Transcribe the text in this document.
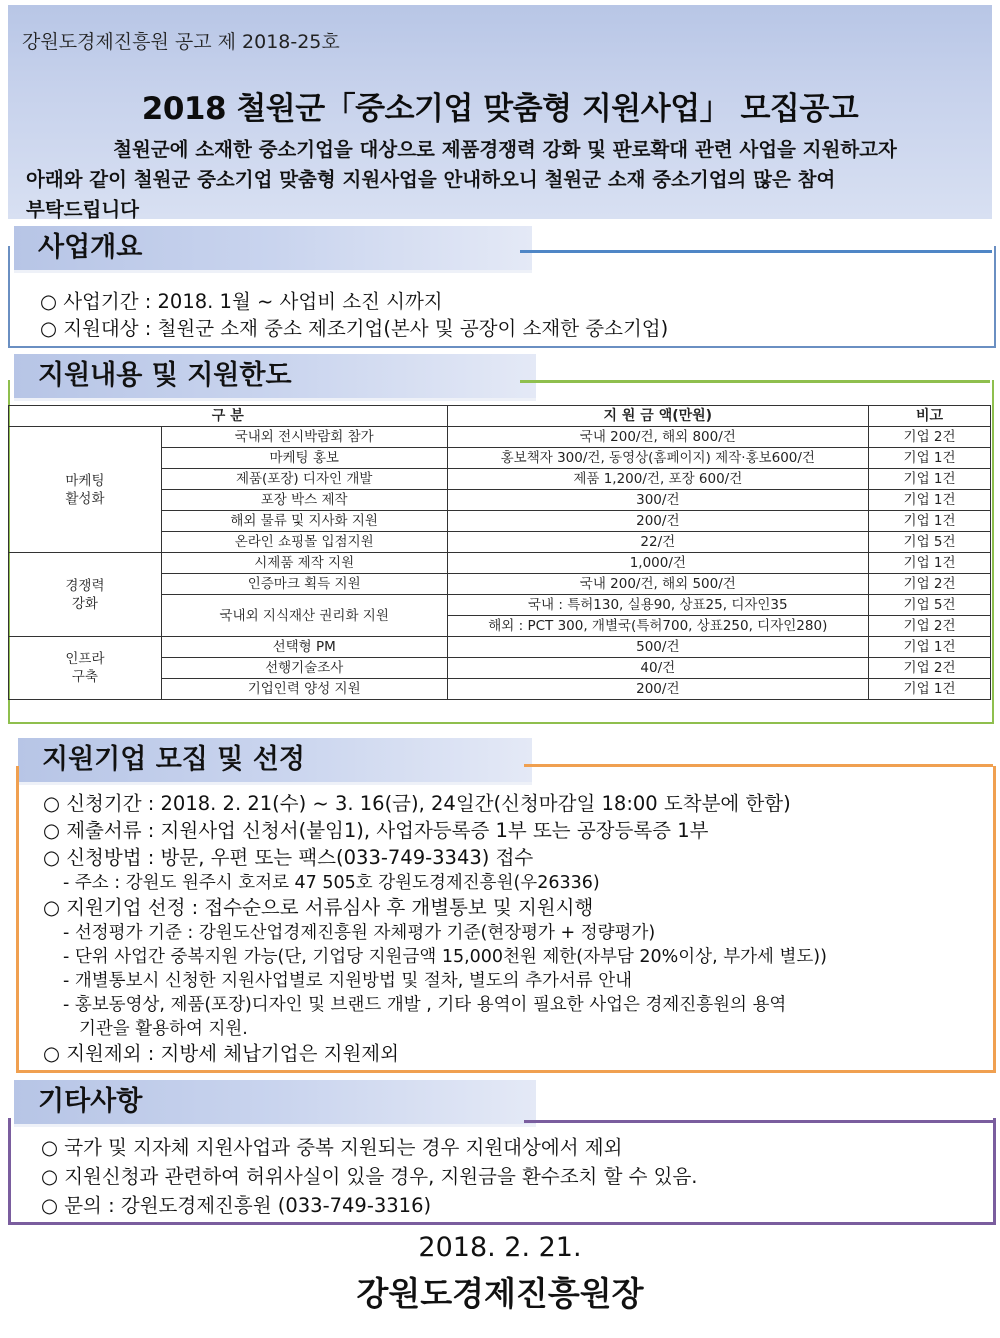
강원도경제진흥원 공고 제 2018-25호
2018 철원군「중소기업 맞춤형 지원사업」 모집공고
철원군에 소재한 중소기업을 대상으로 제품경쟁력 강화 및 판로확대 관련 사업을 지원하고자
아래와 같이 철원군 중소기업 맞춤형 지원사업을 안내하오니 철원군 소재 중소기업의 많은 참여
부탁드립니다
사업개요
○ 사업기간 : 2018. 1월 ~ 사업비 소진 시까지
○ 지원대상 : 철원군 소재 중소 제조기업(본사 및 공장이 소재한 중소기업)
지원내용 및 지원한도
구 분		지 원 금 액(만원)	비고
마케팅
활성화	국내외 전시박람회 참가	국내 200/건, 해외 800/건	기업 2건
	마케팅 홍보	홍보책자 300/건, 동영상(홈페이지) 제작·홍보600/건	기업 1건
	제품(포장) 디자인 개발	제품 1,200/건, 포장 600/건	기업 1건
	포장 박스 제작	300/건	기업 1건
	해외 물류 및 지사화 지원	200/건	기업 1건
	온라인 쇼핑몰 입점지원	22/건	기업 5건
경쟁력
강화	시제품 제작 지원	1,000/건	기업 1건
	인증마크 획득 지원	국내 200/건, 해외 500/건	기업 2건
	국내외 지식재산 권리화 지원	국내 : 특허130, 실용90, 상표25, 디자인35	기업 5건
		해외 : PCT 300, 개별국(특허700, 상표250, 디자인280)	기업 2건
인프라
구축	선택형 PM	500/건	기업 1건
	선행기술조사	40/건	기업 2건
	기업인력 양성 지원	200/건	기업 1건
지원기업 모집 및 선정
○ 신청기간 : 2018. 2. 21(수) ~ 3. 16(금), 24일간(신청마감일 18:00 도착분에 한함)
○ 제출서류 : 지원사업 신청서(붙임1), 사업자등록증 1부 또는 공장등록증 1부
○ 신청방법 : 방문, 우편 또는 팩스(033-749-3343) 접수
- 주소 : 강원도 원주시 호저로 47 505호 강원도경제진흥원(우26336)
○ 지원기업 선정 : 접수순으로 서류심사 후 개별통보 및 지원시행
- 선정평가 기준 : 강원도산업경제진흥원 자체평가 기준(현장평가 + 정량평가)
- 단위 사업간 중복지원 가능(단, 기업당 지원금액 15,000천원 제한(자부담 20%이상, 부가세 별도))
- 개별통보시 신청한 지원사업별로 지원방법 및 절차, 별도의 추가서류 안내
- 홍보동영상, 제품(포장)디자인 및 브랜드 개발 , 기타 용역이 필요한 사업은 경제진흥원의 용역
기관을 활용하여 지원.
○ 지원제외 : 지방세 체납기업은 지원제외
기타사항
○ 국가 및 지자체 지원사업과 중복 지원되는 경우 지원대상에서 제외
○ 지원신청과 관련하여 허위사실이 있을 경우, 지원금을 환수조치 할 수 있음.
○ 문의 : 강원도경제진흥원 (033-749-3316)
2018. 2. 21.
강원도경제진흥원장
